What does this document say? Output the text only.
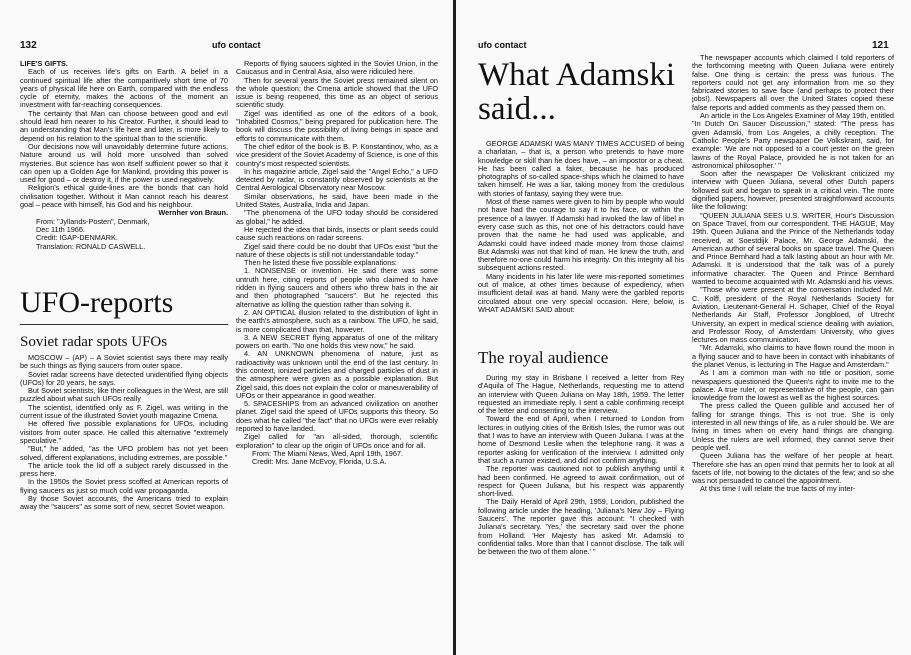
132	ufo contact

LIFE'S GIFTS.

Each of us receives life's gifts on Earth. A belief in a continued spiritual life after the comparitively short time of 70 years of physical life here on Earth, compared with the endless cycle of eternity, makes the actions of the moment an investment with far-reaching consequences.

The certainty that Man can choose between good and evil should lead him nearer to his Creator. Further, it should lead to an understanding that Man's life here and later, is more likely to depend on his relation to the spiritual than to the scientific.

Our decisions now will unavoidably determine future actions. Nature around us will hold more unsolved than solved mysteries. But science has won itself sufficient power so that it can open up a Golden Age for Mankind, providing this power is used for good – or destroy it, if the power is used negatively.

Religion's ethical guide-lines are the bonds that can hold civilisation together. Without it Man cannot reach his dearest goal – peace with himself, his God and his neighbour.

Wernher von Braun.

From: "Jyllands-Posten", Denmark,

Dec 11th 1966.

Credit: IGAP-DENMARK.

Translation: RONALD CASWELL.

UFO-reports
Soviet radar spots UFOs

MOSCOW – (AP) – A Soviet scientist says there may really be such things as flying saucers from outer space.

Soviet radar screens have detected unidentified flying objects (UFOs) for 20 years, he says.

But Soviet scientists, like their colleagues in the West, are still puzzled about what such UFOs really

The scientist, identified only as F. Zigel, was writing in the current issue of the illustrated Soviet youth magazine Cmena.

He offered five possible explanations for UFOs, including visitors from outer space. He called this alternative "extremely speculative."

"But," he added, "as the UFO problem has not yet been solved, different explanations, including extremes, are possible."

The article took the lid off a subject rarely discussed in the press here.

In the 1950s the Soviet press scoffed at American reports of flying saucers as just so much cold war propaganda.

By those Soviet accounts, the Americans tried to explain away the "saucers" as some sort of new, secret Soviet weapon.

Reports of flying saucers sighted in the Soviet Union, in the Caucasus and in Central Asia, also were ridiculed here.

Then for several years the Soviet press remained silent on the whole question; the Cmena article showed that the UFO issue is being reopened, this time as an object of serious scientific study.

Zigel was identified as one of the editors of a book, "Inhabited Cosmos," being prepared for publication here. The book will discuss the possibility of living beings in space and efforts to communicate with them.

The chief editor of the book is B. P. Konstantinov, who, as a vice president of the Soviet Academy of Science, is one of this country's most respected scientists.

In his magazine article, Zigel said the "Angel Echo," a UFO detected by radar, is constantly observed by scientists at the Central Aerological Observatory near Moscow.

Similar observations, he said, have been made in the United States, Australia, India and Japan.

"The phenomena of the UFO today should be considered as global," he added.

He rejected the idea that birds, insects or plant seeds could cause such reactions on radar screens.

Zigel said there could be no doubt that UFOs exist "but the nature of these objects is still not understandable today."

Then he listed these five possible explanations:

1. NONSENSE or invention. He said there was some untruth here, citing reports of people who claimed to have ridden in flying saucers and others who threw hats in the air and then photographed "saucers". But he rejected this alternative as killing the question rather than solving it.

2. AN OPTICAL illusion related to the distribution of light in the earth's atmosphere, such as a rainbow. The UFO, he said, is more complicated than that, however.

3. A NEW SECRET flying apparatus of one of the military powers on earth. "No one holds this view now," he said.

4. AN UNKNOWN phenomena of nature, just as radioactivity was unknown until the end of the last century. In this context, ionized particles and charged particles of dust in the atmosphere were given as a possible explanation. But Zigel said, this does not explain the color or maneuverability of UFOs or their appearance in good weather.

5. SPACESHIPS from an advanced civilization on another planet. Zigel said the speed of UFOs supports this theory. So does what he called "the fact" that no UFOs were ever reliably reported to have landed.

Zigel called for "an all-sided, thorough, scientific exploration" to clear up the origin of UFOs once and for all.

From: The Miami News, Wed, April 19th, 1967.

Credit: Mrs. Jane McEvoy, Florida, U.S.A.

ufo contact	121
What Adamski said...

GEORGE ADAMSKI WAS MANY TIMES ACCUSED of being a charlatan, – that is, a person who pretends to have more knowledge or skill than he does have, – an impostor or a cheat. He has been called a faker, because he has produced photographs of so-called space-ships which he claimed to have taken himself. He was a liar, taking money from the credulous with stories of fantasy, saying they were true.

Most of these names were given to him by people who would not have had the courage to say it to his face, or within the presence of a lawyer. If Adamski had invoked the law of libel in every case such as this, not one of his detractors could have proven that the name he had used was applicable, and Adamski could have indeed made money from those claims! But Adamski was not that kind of man. He knew the truth, and therefore no-one could harm his integrity. On this integrity all his subsequent actions rested.

Many incidents in his later life were mis-reported sometimes out of malice, at other times because of expediency, when insufficient detail was at hand. Many were the garbled reports circulated about one very special occasion. Here, below, is WHAT ADAMSKI SAID about:

The royal audience

During my stay in Brisbane I received a letter from Rey d'Aquila of The Hague, Netherlands, requesting me to attend an interview with Queen Juliana on May 18th, 1959. The letter requested an immediate reply. I sent a cable confirming receipt of the letter and consenting to the interview.

Toward the end of April, when I returned to London from lectures in outlying cities of the British Isles, the rumor was out that I was to have an interview with Queen Juliana. I was at the home of Desmond Leslie when the telephone rang. It was a reporter asking for verification of the interview. I admitted only that such a rumor existed, and did not confirm anything.

The reporter was cautioned not to publish anything until it had been confirmed. He agreed to await confirmation, out of respect for Queen Juliana, but his respect was apparently short-lived.

The Daily Herald of April 29th, 1959, London, published the following article under the heading, 'Juliana's New Joy – Flying Saucers'. The reporter gave this account: "I checked with Juliana's secretary. 'Yes,' the secretary said over the phone from Holland. 'Her Majesty has asked Mr. Adamski to confidential talks. More than that I cannot disclose. The talk will be between the two of them alone.' "

The newspaper accounts which claimed I told reporters of the forthcoming meeting with Queen Juliana were entirely false. One thing is certain: the press was furious. The reporters could not get any information from me so they fabricated stories to save face (and perhaps to protect their jobs!). Newspapers all over the United States copied these false reports and added comments as they passed them on.

An article in the Los Angeles Examiner of May 19th, entitled "In Dutch On Saucer Discussion," stated: "The press has given Adamski, from Los Angeles, a chilly reception. The Catholic People's Party newspaper De Volkskrant, said, for example: 'We are not opposed to a court jester on the green lawns of the Royal Palace, provided he is not taken for an astronomical philosopher.' "

Soon after the newspaper De Volkskrant criticized my interview with Queen Juliana, several other Dutch papers followed suit and began to speak in a critical vein. The more dignified papers, however, presented straightforward accounts like the following:

"QUEEN JULIANA SEES U.S. WRITER, Hour's Discussion on Space Travel, from our correspondent. THE HAGUE, May 19th. Queen Juliana and the Prince of the Netherlands today received, at Soestdijk Palace, Mr. George Adamski, the American author of several books on space travel. The Queen and Prince Bernhard had a talk lasting about an hour with Mr. Adamski. It is understood that the talk was of a purely informative character. The Queen and Prince Bernhard wanted to become acquainted with Mr. Adamski and his views.

"Those who were present at the conversation included Mr. C. Kolff, president of the Royal Netherlands Society for Aviation, Lieutenant-General H. Schaper, Chief of the Royal Netherlands Air Staff, Professor Jongbloed, of Utrecht University, an expert in medical science dealing with aviation, and Professor Rooy, of Amsterdam University, who gives lectures on mass communication.

"Mr. Adamski, who claims to have flown round the moon in a flying saucer and to have been in contact with inhabitants of the planet Venus, is lecturing in The Hague and Amsterdam."

As I am a common man with no title or position, some newspapers questioned the Queen's right to invite me to the palace. A true ruler, or representative of the people, can gain knowledge from the lowest as well as the highest sources.

The press called the Queen gullible and accused her of falling for strange things. This is not true. She is only interested in all new things of life, as a ruler should be. We are living in times when on every hand things are changing. Unless the rulers are well informed, they cannot serve their people well.

Queen Juliana has the welfare of her people at heart. Therefore she has an open mind that permits her to look at all facets of life, not bowing to the dictates of the few; and so she was not persuaded to cancel the appointment.

At this time I will relate the true facts of my inter-
